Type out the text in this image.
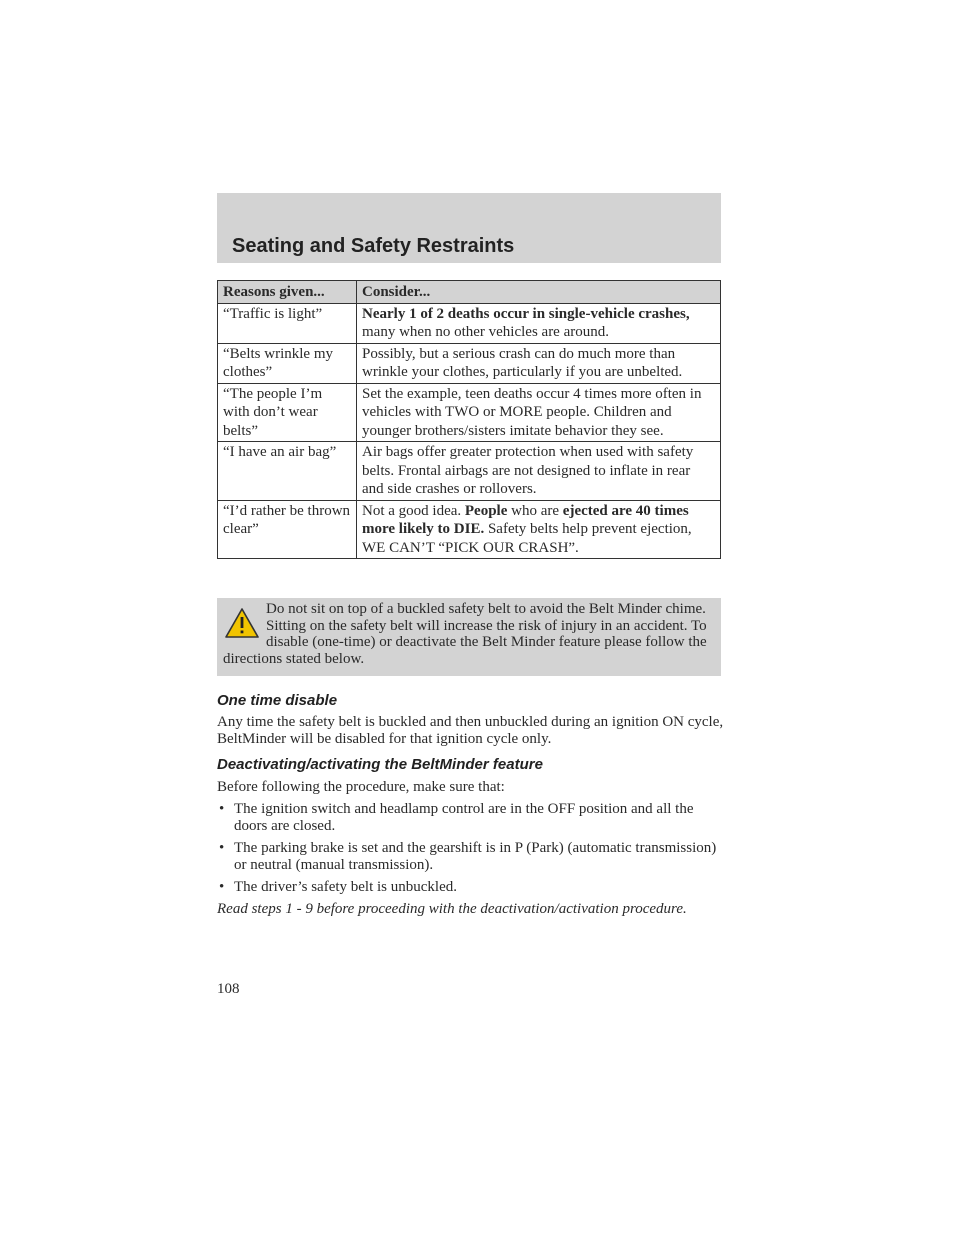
Seating and Safety Restraints
Reasons given...	Consider...
“Traffic is light”	Nearly 1 of 2 deaths occur in single-vehicle crashes, many when no other vehicles are around.
“Belts wrinkle my clothes”	Possibly, but a serious crash can do much more than wrinkle your clothes, particularly if you are unbelted.
“The people I’m with don’t wear belts”	Set the example, teen deaths occur 4 times more often in vehicles with TWO or MORE people. Children and younger brothers/sisters imitate behavior they see.
“I have an air bag”	Air bags offer greater protection when used with safety belts. Frontal airbags are not designed to inflate in rear and side crashes or rollovers.
“I’d rather be thrown clear”	Not a good idea. People who are ejected are 40 times more likely to DIE. Safety belts help prevent ejection, WE CAN’T “PICK OUR CRASH”.
Do not sit on top of a buckled safety belt to avoid the Belt Minder chime. Sitting on the safety belt will increase the risk of injury in an accident. To disable (one-time) or deactivate the Belt Minder feature please follow the directions stated below.
One time disable

Any time the safety belt is buckled and then unbuckled during an ignition ON cycle, BeltMinder will be disabled for that ignition cycle only.

Deactivating/activating the BeltMinder feature

Before following the procedure, make sure that:

• The ignition switch and headlamp control are in the OFF position and all the doors are closed.
• The parking brake is set and the gearshift is in P (Park) (automatic transmission) or neutral (manual transmission).
• The driver’s safety belt is unbuckled.

Read steps 1 - 9 before proceeding with the deactivation/activation procedure.

108
